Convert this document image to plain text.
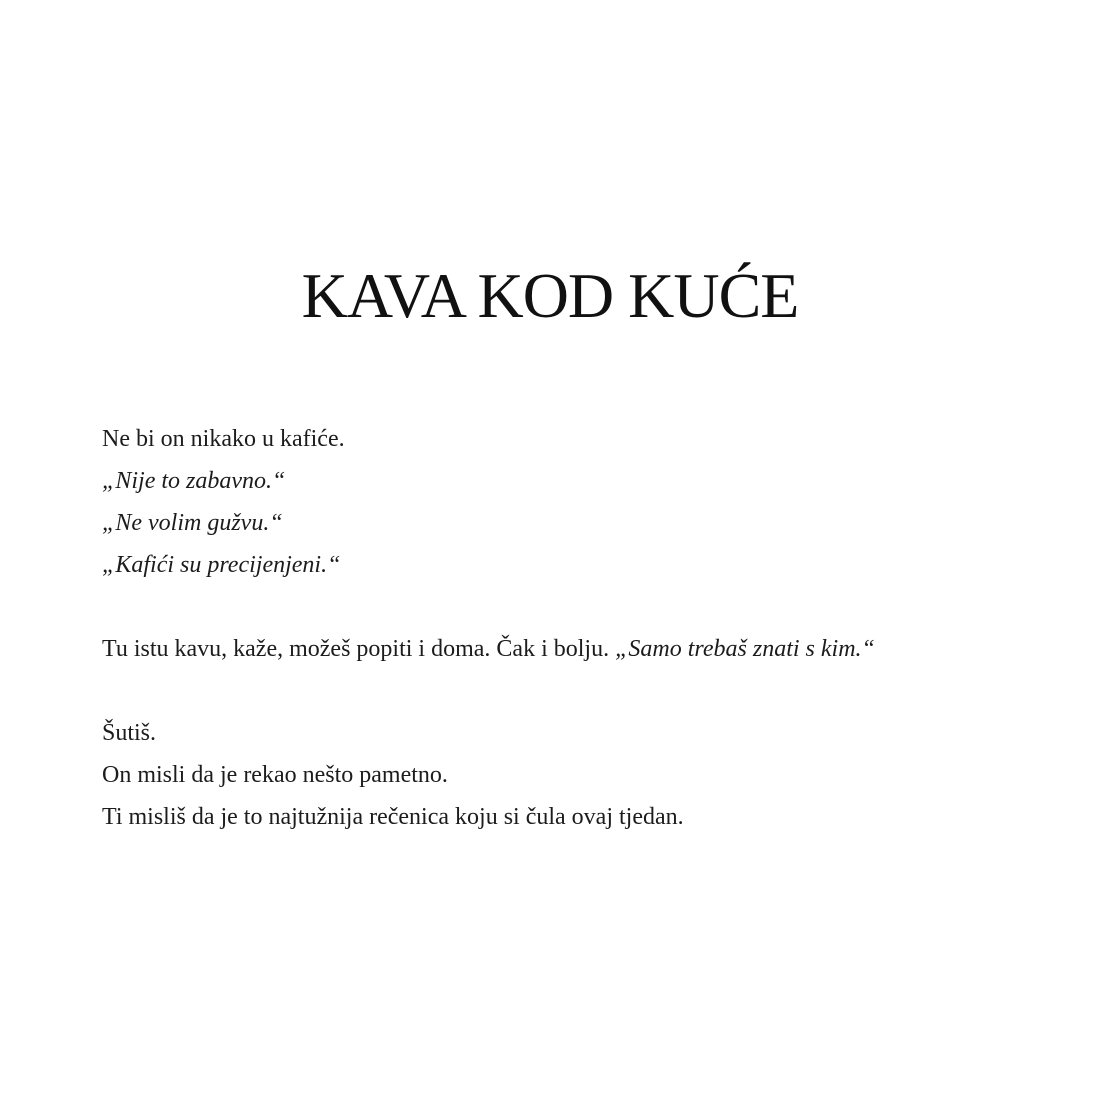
KAVA KOD KUĆE
Ne bi on nikako u kafiće.
„Nije to zabavno.“
„Ne volim gužvu.“
„Kafići su precijenjeni.“
Tu istu kavu, kaže, možeš popiti i doma. Čak i bolju. „Samo trebaš znati s kim.“
Šutiš.
On misli da je rekao nešto pametno.
Ti misliš da je to najtužnija rečenica koju si čula ovaj tjedan.
